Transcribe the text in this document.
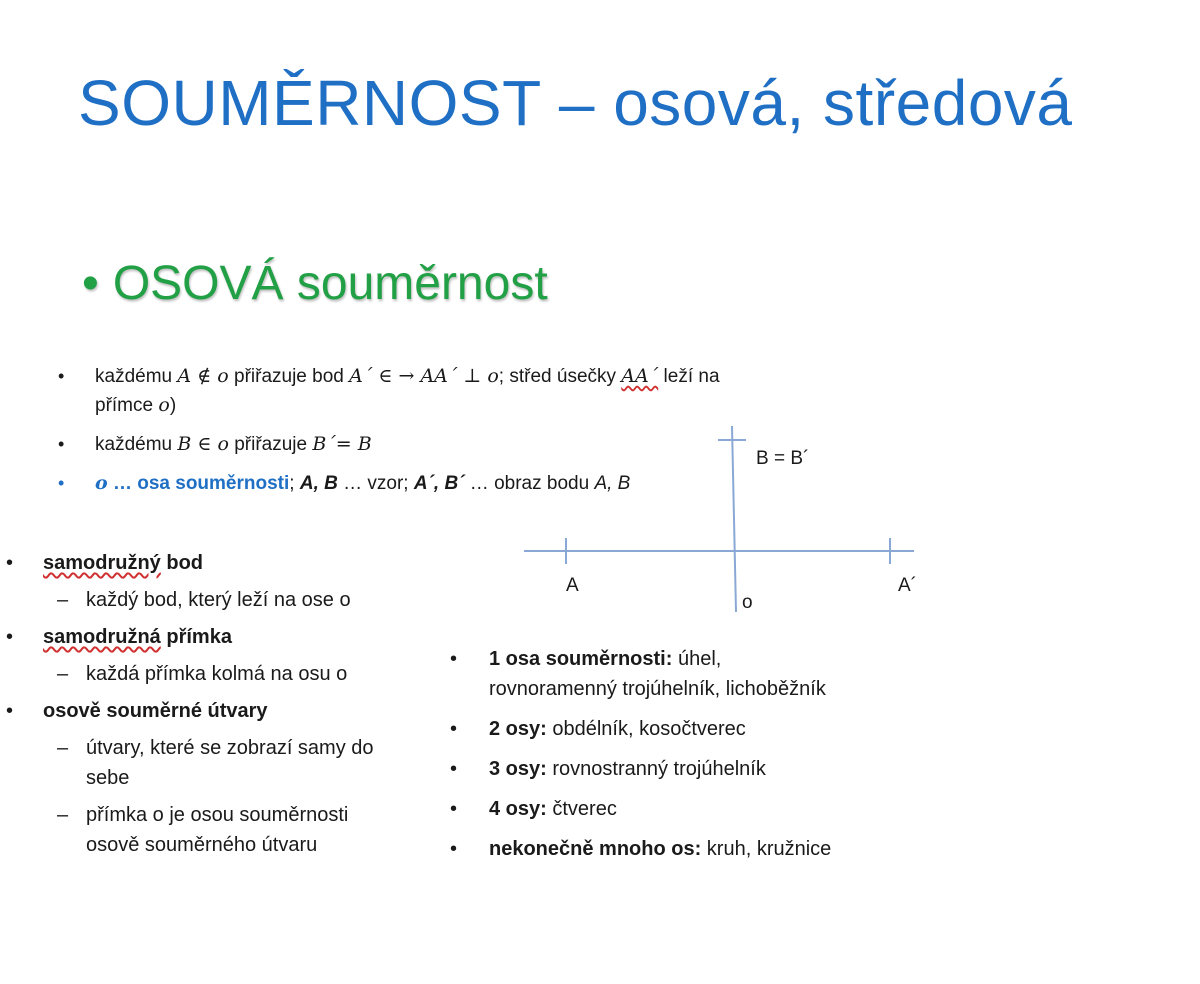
SOUMĚRNOST – osová, středová
• OSOVÁ souměrnost
• každému A ∉ o přiřazuje bod A´ ∈ → AA´ ⊥ o; střed úsečky AA´ leží na
přímce o)
• každému B ∈ o přiřazuje B´= B
• o … osa souměrnosti; A, B … vzor; A´, B´ … obraz bodu A, B
B = B´
A
o
A´
• samodružný bod
– každý bod, který leží na ose o
• samodružná přímka
– každá přímka kolmá na osu o
• osově souměrné útvary
– útvary, které se zobrazí samy do
sebe
– přímka o je osou souměrnosti
osově souměrného útvaru
• 1 osa souměrnosti: úhel,
rovnoramenný trojúhelník, lichoběžník
• 2 osy: obdélník, kosočtverec
• 3 osy: rovnostranný trojúhelník
• 4 osy: čtverec
• nekonečně mnoho os: kruh, kružnice
